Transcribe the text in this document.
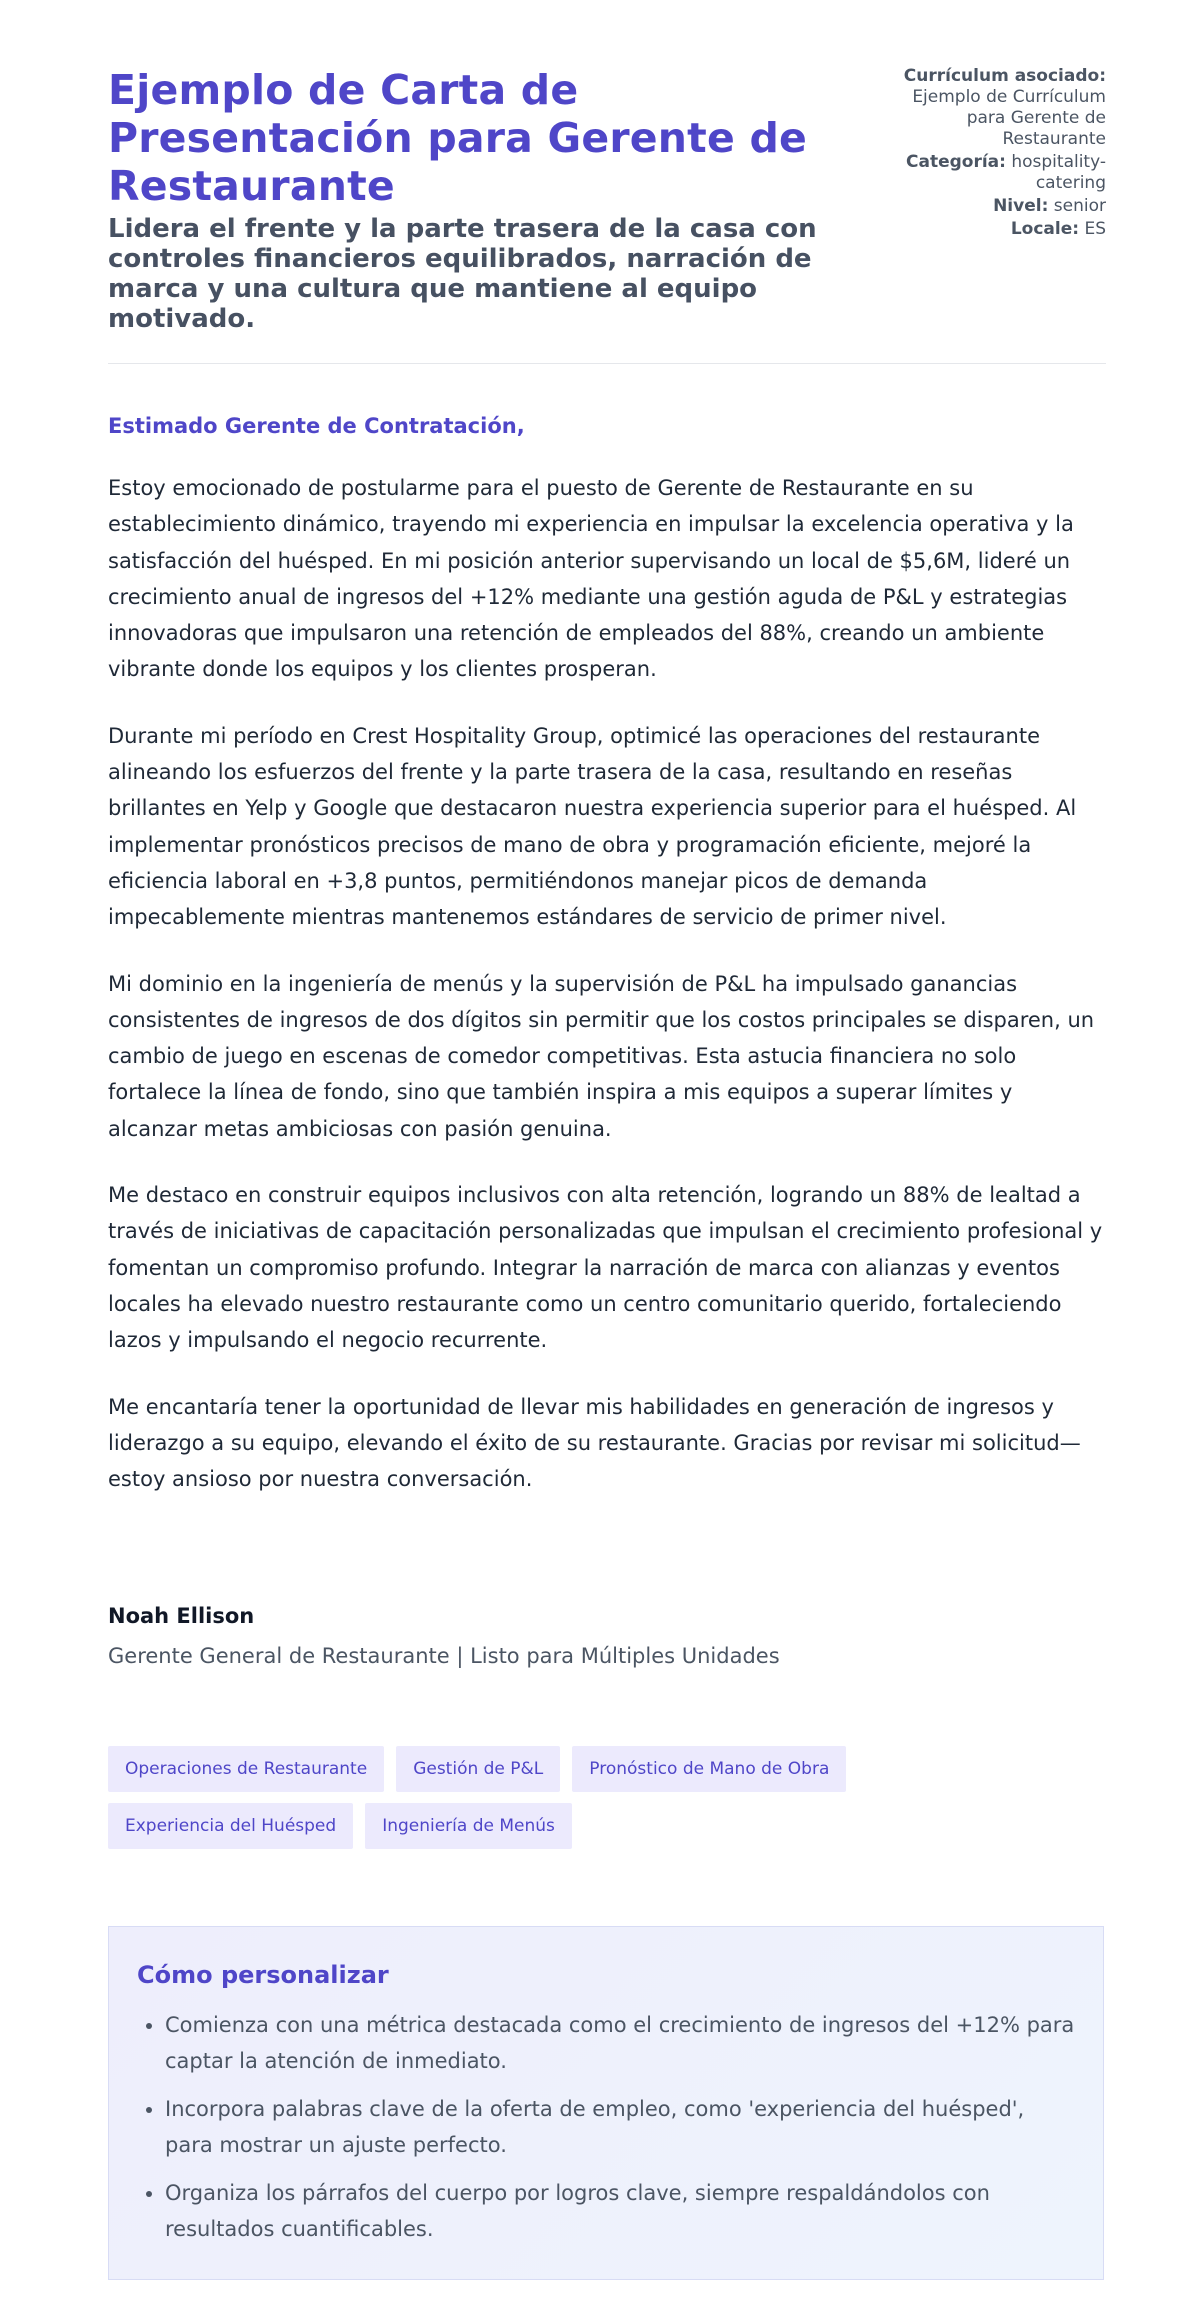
Ejemplo de Carta de Presentación para Gerente de Restaurante
Lidera el frente y la parte trasera de la casa con controles financieros equilibrados, narración de marca y una cultura que mantiene al equipo motivado.
Currículum asociado: Ejemplo de Currículum para Gerente de Restaurante
Categoría: hospitality-catering
Nivel: senior
Locale: ES
Estimado Gerente de Contratación,

Estoy emocionado de postularme para el puesto de Gerente de Restaurante en su establecimiento dinámico, trayendo mi experiencia en impulsar la excelencia operativa y la satisfacción del huésped. En mi posición anterior supervisando un local de $5,6M, lideré un crecimiento anual de ingresos del +12% mediante una gestión aguda de P&L y estrategias innovadoras que impulsaron una retención de empleados del 88%, creando un ambiente vibrante donde los equipos y los clientes prosperan.

Durante mi período en Crest Hospitality Group, optimicé las operaciones del restaurante alineando los esfuerzos del frente y la parte trasera de la casa, resultando en reseñas brillantes en Yelp y Google que destacaron nuestra experiencia superior para el huésped. Al implementar pronósticos precisos de mano de obra y programación eficiente, mejoré la eficiencia laboral en +3,8 puntos, permitiéndonos manejar picos de demanda impecablemente mientras mantenemos estándares de servicio de primer nivel.

Mi dominio en la ingeniería de menús y la supervisión de P&L ha impulsado ganancias consistentes de ingresos de dos dígitos sin permitir que los costos principales se disparen, un cambio de juego en escenas de comedor competitivas. Esta astucia financiera no solo fortalece la línea de fondo, sino que también inspira a mis equipos a superar límites y alcanzar metas ambiciosas con pasión genuina.

Me destaco en construir equipos inclusivos con alta retención, logrando un 88% de lealtad a través de iniciativas de capacitación personalizadas que impulsan el crecimiento profesional y fomentan un compromiso profundo. Integrar la narración de marca con alianzas y eventos locales ha elevado nuestro restaurante como un centro comunitario querido, fortaleciendo lazos y impulsando el negocio recurrente.

Me encantaría tener la oportunidad de llevar mis habilidades en generación de ingresos y liderazgo a su equipo, elevando el éxito de su restaurante. Gracias por revisar mi solicitud—estoy ansioso por nuestra conversación.

Noah Ellison

Gerente General de Restaurante | Listo para Múltiples Unidades

Operaciones de Restaurante	Gestión de P&L	Pronóstico de Mano de Obra
Experiencia del Huésped	Ingeniería de Menús
Cómo personalizar
• Comienza con una métrica destacada como el crecimiento de ingresos del +12% para captar la atención de inmediato.
• Incorpora palabras clave de la oferta de empleo, como 'experiencia del huésped', para mostrar un ajuste perfecto.
• Organiza los párrafos del cuerpo por logros clave, siempre respaldándolos con resultados cuantificables.
